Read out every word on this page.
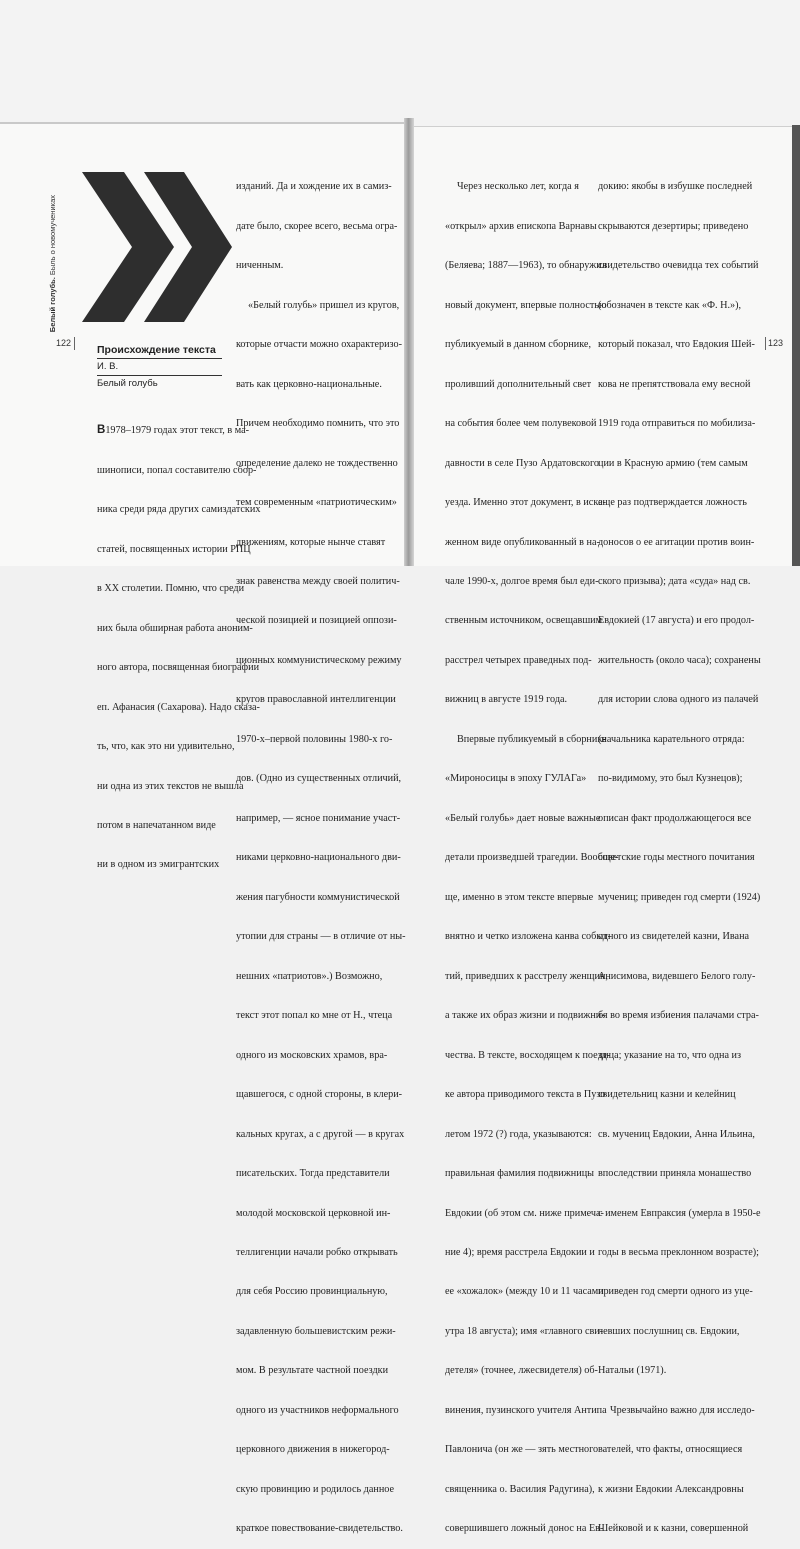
Белый голубь. Быль о новомучениках
122	123
Происхождение текста
И. В.
Белый голубь

В1978–1979 годах этот текст, в ма-

шинописи, попал составителю сбор-

ника среди ряда других самиздатских

статей, посвященных истории РПЦ

в XX столетии. Помню, что среди

них была обширная работа аноним-

ного автора, посвященная биографии

еп. Афанасия (Сахарова). Надо сказа-

ть, что, как это ни удивительно,

ни одна из этих текстов не вышла

потом в напечатанном виде

ни в одном из эмигрантских

изданий. Да и хождение их в самиз-

дате было, скорее всего, весьма огра-

ниченным.

«Белый голубь» пришел из кругов,

которые отчасти можно охарактеризо-

вать как церковно-национальные.

Причем необходимо помнить, что это

определение далеко не тождественно

тем современным «патриотическим»

движениям, которые нынче ставят

знак равенства между своей политич-

ческой позицией и позицией оппози-

ционных коммунистическому режиму

кругов православной интеллигенции

1970-х–первой половины 1980-х го-

дов. (Одно из существенных отличий,

например, — ясное понимание участ-

никами церковно-национального дви-

жения пагубности коммунистической

утопии для страны — в отличие от ны-

нешних «патриотов».) Возможно,

текст этот попал ко мне от Н., чтеца

одного из московских храмов, вра-

щавшегося, с одной стороны, в клери-

кальных кругах, а с другой — в кругах

писательских. Тогда представители

молодой московской церковной ин-

теллигенции начали робко открывать

для себя Россию провинциальную,

задавленную большевистским режи-

мом. В результате частной поездки

одного из участников неформального

церковного движения в нижегород-

скую провинцию и родилось данное

краткое повествование-свидетельство.

Через несколько лет, когда я

«открыл» архив епископа Варнавы

(Беляева; 1887—1963), то обнаружил

новый документ, впервые полностью

публикуемый в данном сборнике,

проливший дополнительный свет

на события более чем полувековой

давности в селе Пузо Ардатовского

уезда. Именно этот документ, в иска-

женном виде опубликованный в на-

чале 1990-х, долгое время был еди-

ственным источником, освещавшим

расстрел четырех праведных под-

вижниц в августе 1919 года.

Впервые публикуемый в сборнике

«Мироносицы в эпоху ГУЛАГа»

«Белый голубь» дает новые важные

детали произведшей трагедии. Вообще-

ще, именно в этом тексте впервые

внятно и четко изложена канва событ-

тий, приведших к расстрелу женщин,

а также их образ жизни и подвижни-

чества. В тексте, восходящем к поезд-

ке автора приводимого текста в Пузо

летом 1972 (?) года, указываются:

правильная фамилия подвижницы

Евдокии (об этом см. ниже примеча-

ние 4); время расстрела Евдокии и

ее «хожалок» (между 10 и 11 часами

утра 18 августа); имя «главного сви-

детеля» (точнее, лжесвидетеля) об-

винения, пузинского учителя Антипа

Павлонича (он же — зять местного

священника о. Василия Радугина),

совершившего ложный донос на Ев-

докию: якобы в избушке последней

скрываются дезертиры; приведено

свидетельство очевидца тех событий

(обозначен в тексте как «Ф. Н.»),

который показал, что Евдокия Шей-

кова не препятствовала ему весной

1919 года отправиться по мобилиза-

ции в Красную армию (тем самым

еще раз подтверждается ложность

доносов о ее агитации против воин-

ского призыва); дата «суда» над св.

Евдокией (17 августа) и его продол-

жительность (около часа); сохранены

для истории слова одного из палачей

(начальника карательного отряда:

по-видимому, это был Кузнецов);

описан факт продолжающегося все

советские годы местного почитания

мучениц; приведен год смерти (1924)

одного из свидетелей казни, Ивана

Анисимова, видевшего Белого голу-

бя во время избиения палачами стра-

дица; указание на то, что одна из

свидетельниц казни и келейниц

св. мучениц Евдокии, Анна Ильина,

впоследствии приняла монашество

с именем Евпраксия (умерла в 1950-е

годы в весьма преклонном возрасте);

приведен год смерти одного из уце-

левших послушниц св. Евдокии,

Натальи (1971).

Чрезвычайно важно для исследо-

вателей, что факты, относящиеся

к жизни Евдокии Александровны

Шейковой и к казни, совершенной
